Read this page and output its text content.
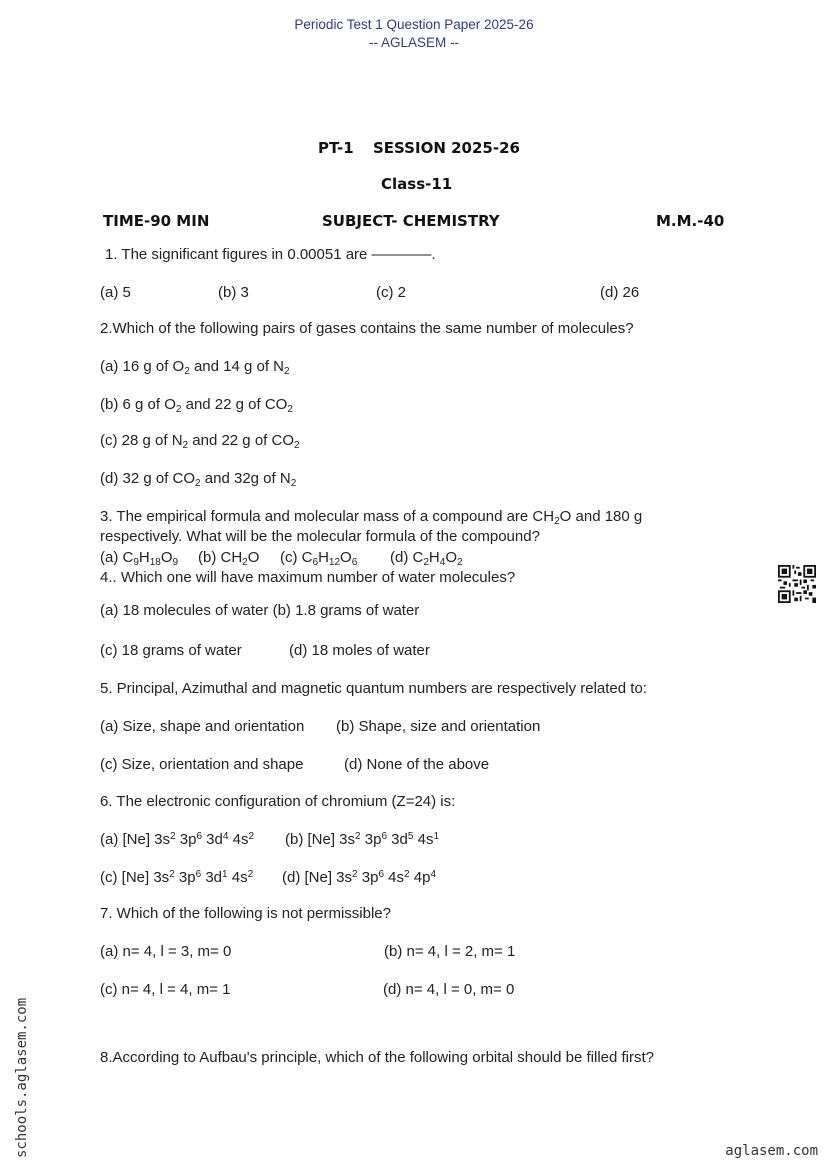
Periodic Test 1 Question Paper 2025-26
-- AGLASEM --
PT-1 SESSION 2025-26
Class-11
TIME-90 MIN	SUBJECT- CHEMISTRY	M.M.-40
1. The significant figures in 0.00051 are ————.
(a) 5	(b) 3	(c) 2	(d) 26
2.Which of the following pairs of gases contains the same number of molecules?
(a) 16 g of $O_2$ and 14 g of $N_2$
(b) 6 g of $O_2$ and 22 g of $CO_2$
(c) 28 g of $N_2$ and 22 g of $CO_2$
(d) 32 g of $CO_2$ and 32g of $N_2$
3. The empirical formula and molecular mass of a compound are $CH_2O$ and 180 g
respectively. What will be the molecular formula of the compound?
(a) $C_9H_{18}O_9$ (b) $CH_2O$ (c) $C_6H_{12}O_6$ (d) $C_2H_4O_2$
4.. Which one will have maximum number of water molecules?
(a) 18 molecules of water (b) 1.8 grams of water
(c) 18 grams of water	(d) 18 moles of water
5. Principal, Azimuthal and magnetic quantum numbers are respectively related to:
(a) Size, shape and orientation (b) Shape, size and orientation
(c) Size, orientation and shape	(d) None of the above
6. The electronic configuration of chromium (Z=24) is:
(a) [Ne] $3s^2$ $3p^6$ $3d^4$ $4s^2$ (b) [Ne] $3s^2$ $3p^6$ $3d^5$ $4s^1$
(c) [Ne] $3s^2$ $3p^6$ $3d^1$ $4s^2$ (d) [Ne] $3s^2$ $3p^6$ $4s^2$ $4p^4$
7. Which of the following is not permissible?
(a) n= 4, l = 3, m= 0	(b) n= 4, l = 2, m= 1
(c) n= 4, l = 4, m= 1	(d) n= 4, l = 0, m= 0
8.According to Aufbau's principle, which of the following orbital should be filled first?
schools.aglasem.com	aglasem.com
